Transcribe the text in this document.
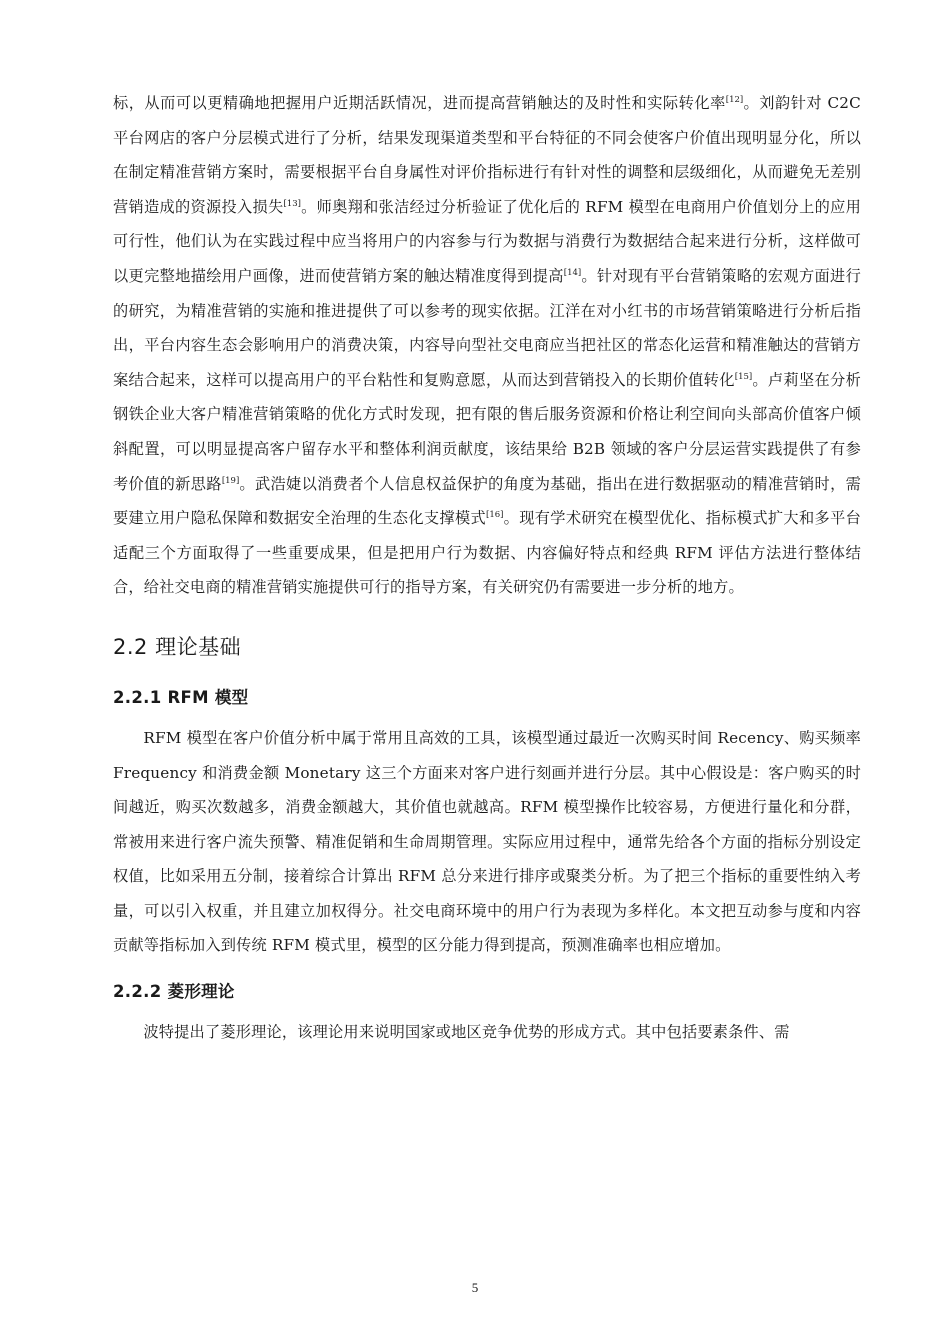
标，从而可以更精确地把握用户近期活跃情况，进而提高营销触达的及时性和实际转化率[12]。刘韵针对 C2C 平台网店的客户分层模式进行了分析，结果发现渠道类型和平台特征的不同会使客户价值出现明显分化，所以在制定精准营销方案时，需要根据平台自身属性对评价指标进行有针对性的调整和层级细化，从而避免无差别营销造成的资源投入损失[13]。师奥翔和张洁经过分析验证了优化后的 RFM 模型在电商用户价值划分上的应用可行性，他们认为在实践过程中应当将用户的内容参与行为数据与消费行为数据结合起来进行分析，这样做可以更完整地描绘用户画像，进而使营销方案的触达精准度得到提高[14]。针对现有平台营销策略的宏观方面进行的研究，为精准营销的实施和推进提供了可以参考的现实依据。江洋在对小红书的市场营销策略进行分析后指出，平台内容生态会影响用户的消费决策，内容导向型社交电商应当把社区的常态化运营和精准触达的营销方案结合起来，这样可以提高用户的平台粘性和复购意愿，从而达到营销投入的长期价值转化[15]。卢莉坚在分析钢铁企业大客户精准营销策略的优化方式时发现，把有限的售后服务资源和价格让利空间向头部高价值客户倾斜配置，可以明显提高客户留存水平和整体利润贡献度，该结果给 B2B 领域的客户分层运营实践提供了有参考价值的新思路[19]。武浩婕以消费者个人信息权益保护的角度为基础，指出在进行数据驱动的精准营销时，需要建立用户隐私保障和数据安全治理的生态化支撑模式[16]。现有学术研究在模型优化、指标模式扩大和多平台适配三个方面取得了一些重要成果，但是把用户行为数据、内容偏好特点和经典 RFM 评估方法进行整体结合，给社交电商的精准营销实施提供可行的指导方案，有关研究仍有需要进一步分析的地方。

2.2 理论基础
2.2.1 RFM 模型

RFM 模型在客户价值分析中属于常用且高效的工具，该模型通过最近一次购买时间 Recency、购买频率 Frequency 和消费金额 Monetary 这三个方面来对客户进行刻画并进行分层。其中心假设是：客户购买的时间越近，购买次数越多，消费金额越大，其价值也就越高。RFM 模型操作比较容易，方便进行量化和分群，常被用来进行客户流失预警、精准促销和生命周期管理。实际应用过程中，通常先给各个方面的指标分别设定权值，比如采用五分制，接着综合计算出 RFM 总分来进行排序或聚类分析。为了把三个指标的重要性纳入考量，可以引入权重，并且建立加权得分。社交电商环境中的用户行为表现为多样化。本文把互动参与度和内容贡献等指标加入到传统 RFM 模式里，模型的区分能力得到提高，预测准确率也相应增加。

2.2.2 菱形理论

波特提出了菱形理论，该理论用来说明国家或地区竞争优势的形成方式。其中包括要素条件、需

5
